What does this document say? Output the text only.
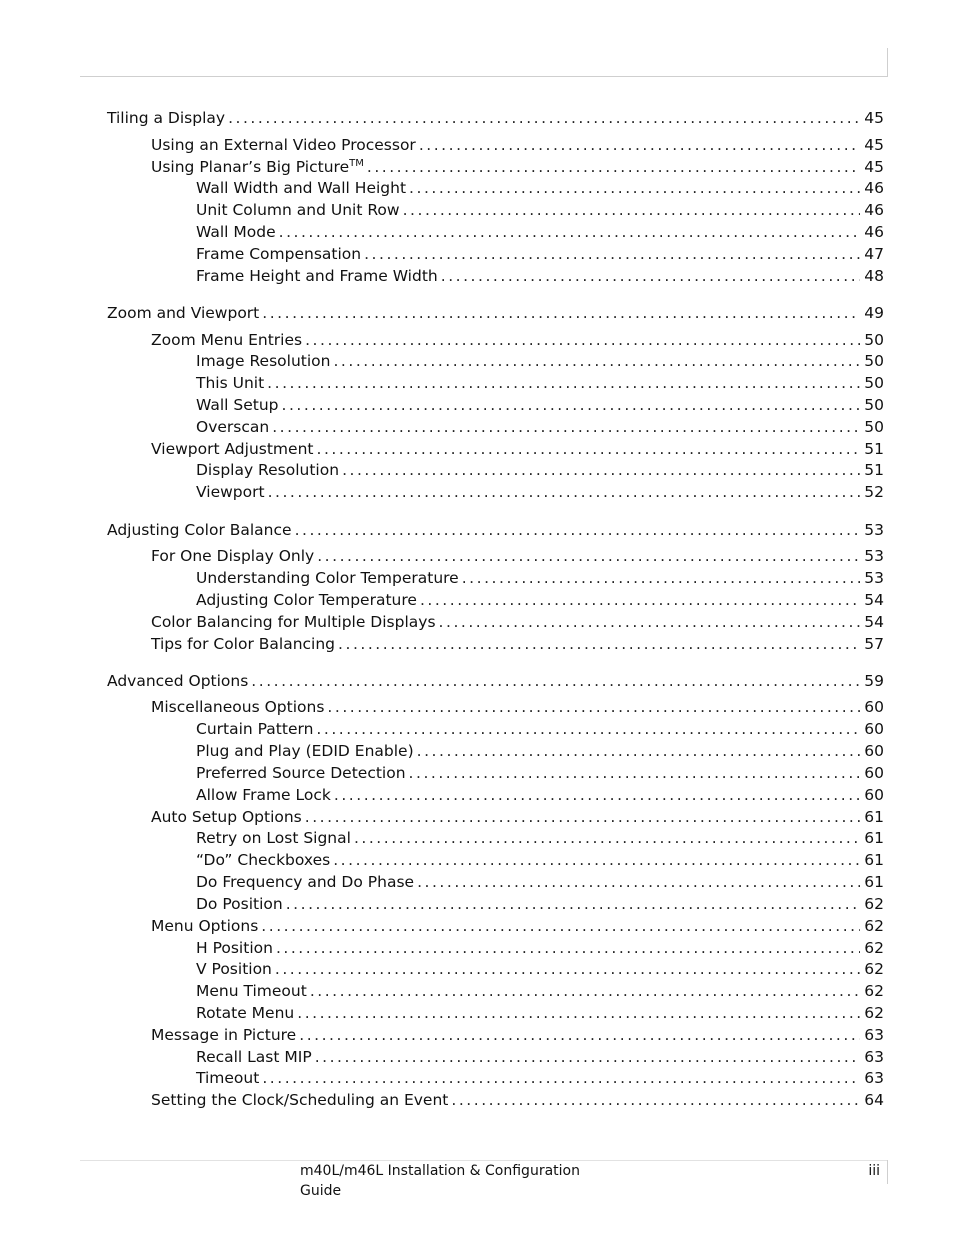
Tiling a Display . . .	45
Using an External Video Processor . . .	45
Using Planar’s Big Picture™ . . .	45
Wall Width and Wall Height . . .	46
Unit Column and Unit Row . . .	46
Wall Mode . . .	46
Frame Compensation . . .	47
Frame Height and Frame Width . . .	48
Zoom and Viewport . . .	49
Zoom Menu Entries . . .	50
Image Resolution . . .	50
This Unit . . .	50
Wall Setup . . .	50
Overscan . . .	50
Viewport Adjustment . . .	51
Display Resolution . . .	51
Viewport . . .	52
Adjusting Color Balance . . .	53
For One Display Only . . .	53
Understanding Color Temperature . . .	53
Adjusting Color Temperature . . .	54
Color Balancing for Multiple Displays . . .	54
Tips for Color Balancing . . .	57
Advanced Options . . .	59
Miscellaneous Options . . .	60
Curtain Pattern . . .	60
Plug and Play (EDID Enable) . . .	60
Preferred Source Detection . . .	60
Allow Frame Lock . . .	60
Auto Setup Options . . .	61
Retry on Lost Signal . . .	61
“Do” Checkboxes . . .	61
Do Frequency and Do Phase . . .	61
Do Position . . .	62
Menu Options . . .	62
H Position . . .	62
V Position . . .	62
Menu Timeout . . .	62
Rotate Menu . . .	62
Message in Picture . . .	63
Recall Last MIP . . .	63
Timeout . . .	63
Setting the Clock/Scheduling an Event . . .	64
m40L/m46L Installation & Configuration Guide
iii
